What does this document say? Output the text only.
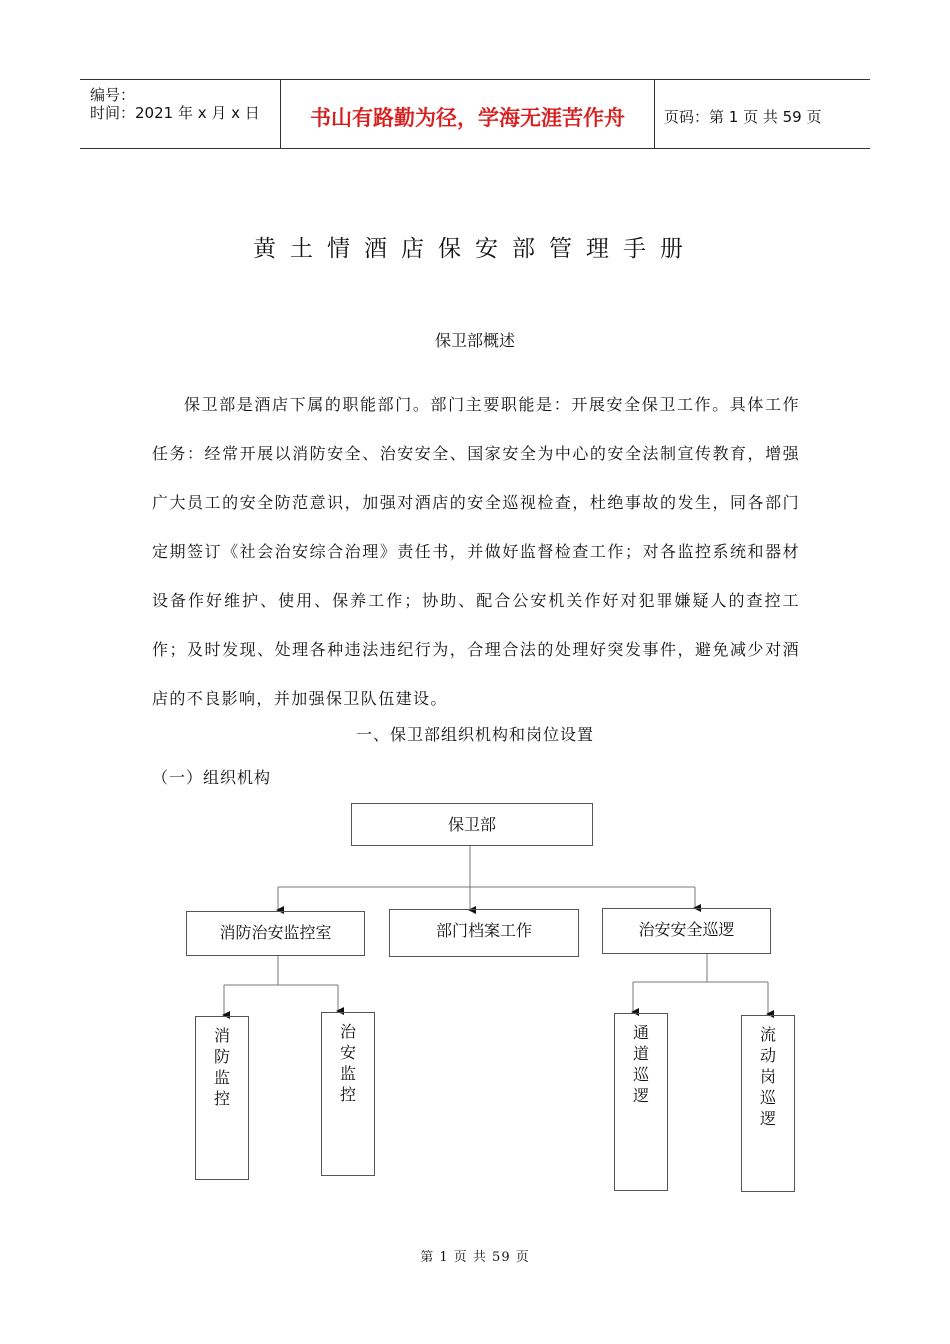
编号：
时间：2021 年 x 月 x 日	书山有路勤为径，学海无涯苦作舟	页码：第 1 页 共 59 页
黄土情酒店保安部管理手册
保卫部概述
保卫部是酒店下属的职能部门。部门主要职能是：开展安全保卫工作。具体工作任务：经常开展以消防安全、治安安全、国家安全为中心的安全法制宣传教育，增强广大员工的安全防范意识，加强对酒店的安全巡视检查，杜绝事故的发生，同各部门定期签订《社会治安综合治理》责任书，并做好监督检查工作；对各监控系统和器材设备作好维护、使用、保养工作；协助、配合公安机关作好对犯罪嫌疑人的查控工作；及时发现、处理各种违法违纪行为，合理合法的处理好突发事件，避免减少对酒店的不良影响，并加强保卫队伍建设。
一、保卫部组织机构和岗位设置
（一）组织机构
保卫部
消防治安监控室	部门档案工作	治安安全巡逻
消防监控
治安监控
通道巡逻
流动岗巡逻
第 1 页 共 59 页
